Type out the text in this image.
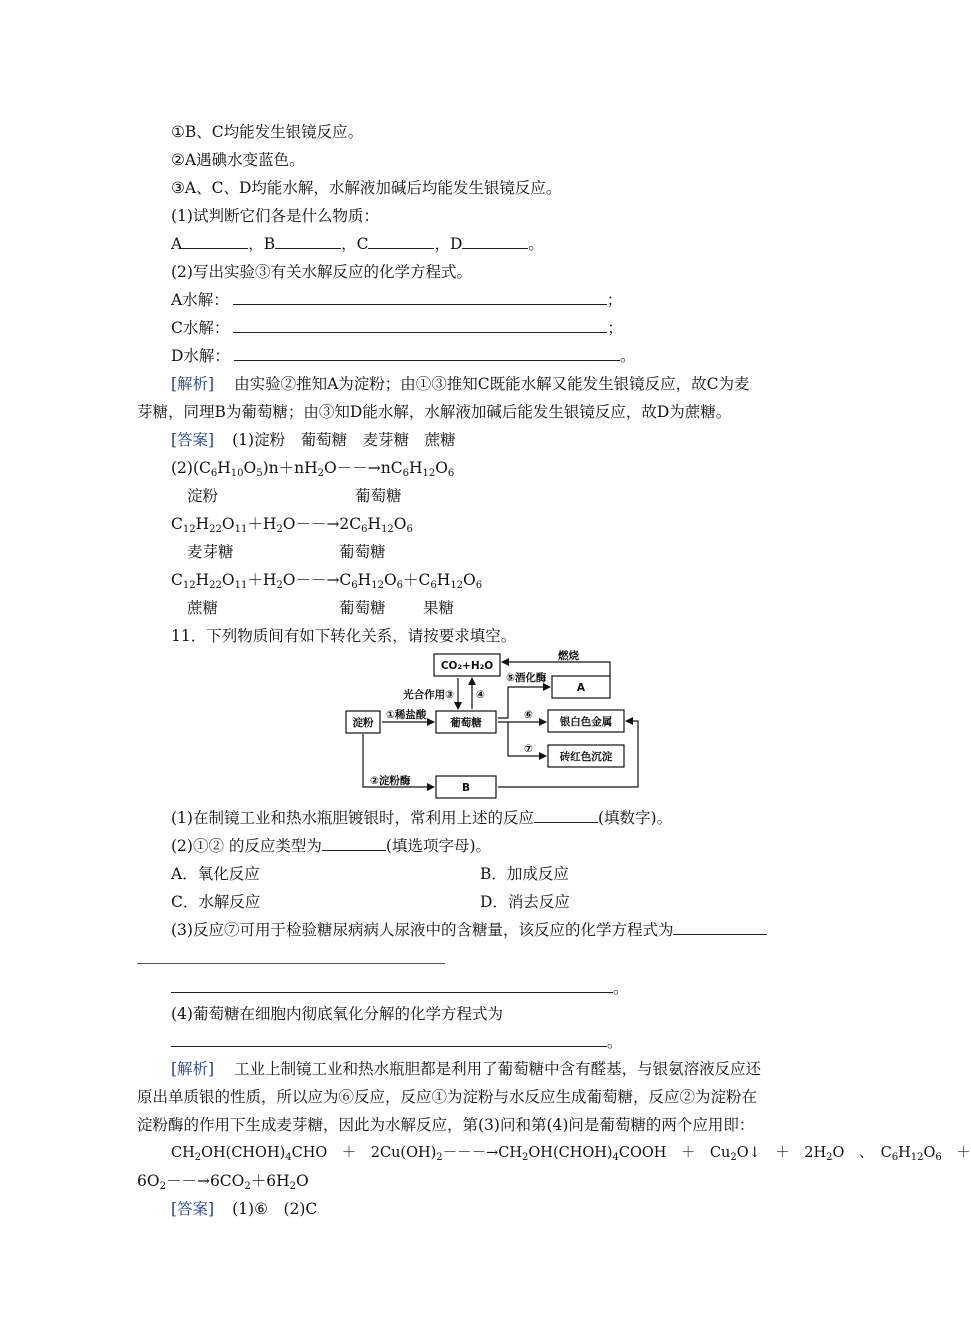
①B、C均能发生银镜反应。
②A遇碘水变蓝色。
③A、C、D均能水解，水解液加碱后均能发生银镜反应。
(1)试判断它们各是什么物质：
A	，B	，C	，D	。
(2)写出实验③有关水解反应的化学方程式。
A水解：	；
C水解：	；
D水解：	。
[解析] 由实验②推知A为淀粉；由①③推知C既能水解又能发生银镜反应，故C为麦
芽糖，同理B为葡萄糖；由③知D能水解，水解液加碱后能发生银镜反应，故D为蔗糖。
[答案] (1)淀粉　葡萄糖　麦芽糖　蔗糖
$(2)(C_6H_{10}O_5)n+nH_2O--\to nC_6H_{12}O_6$
淀粉	葡萄糖
$C_{12}H_{22}O_{11}+H_2O--\to 2C_6H_{12}O_6$
麦芽糖	葡萄糖
$C_{12}H_{22}O_{11}+H_2O--\to C_6H_{12}O_6+C_6H_{12}O_6$
蔗糖	葡萄糖 果糖
11．下列物质间有如下转化关系，请按要求填空。
CO₂+H₂O
燃烧
A
⑤酒化酶
光合作用③ ④
淀粉
①稀盐酸
葡萄糖
⑥
银白色金属
⑦
砖红色沉淀
②淀粉酶
B
(1)在制镜工业和热水瓶胆镀银时，常利用上述的反应	(填数字)。
(2)①② 的反应类型为	(填选项字母)。
A．氧化反应	B．加成反应
C．水解反应	D．消去反应
(3)反应⑦可用于检验糖尿病病人尿液中的含糖量，该反应的化学方程式为
。
(4)葡萄糖在细胞内彻底氧化分解的化学方程式为
。
[解析] 工业上制镜工业和热水瓶胆都是利用了葡萄糖中含有醛基，与银氨溶液反应还
原出单质银的性质，所以应为⑥反应，反应①为淀粉与水反应生成葡萄糖，反应②为淀粉在
淀粉酶的作用下生成麦芽糖，因此为水解反应，第(3)问和第(4)问是葡萄糖的两个应用即：
$CH_2OH(CHOH)_4CHO$　＋　$2Cu(OH)_2---\to CH_2OH(CHOH)_4COOH$　＋　$Cu_2O↓$　＋　$2H_2O$　、　$C_6H_{12}O_6$　＋
$6O_2--\to 6CO_2+6H_2O$
[答案] (1)⑥　(2)C
